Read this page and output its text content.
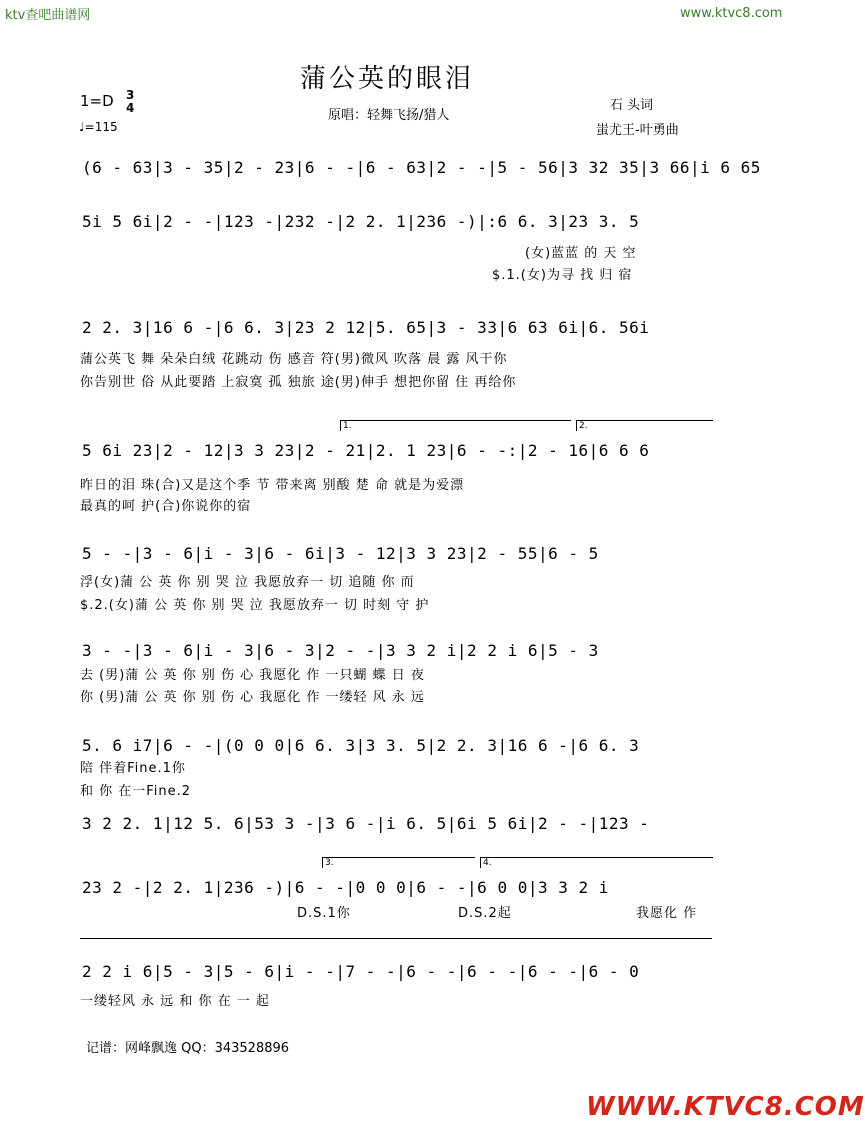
ktv查吧曲谱网	www.ktvc8.com
蒲公英的眼泪
1=D 3
4
♩=115
原唱：轻舞飞扬/猎人
石 头词
蚩尤王-叶勇曲
(6 - 63|3 - 35|2 - 23|6 - -|6 - 63|2 - -|5 - 56|3 32 35|3 66|i 6 65
5i 5 6i|2 - -|123 -|232 -|2 2. 1|236 -)|:6 6. 3|23 3. 5
(女)蓝蓝 的 天 空
$.1.(女)为寻 找 归 宿
2 2. 3|16 6 -|6 6. 3|23 2 12|5. 65|3 - 33|6 63 6i|6. 56i
蒲公英飞 舞 朵朵白绒 花跳动 伤 感音 符(男)微风 吹落 晨 露 风干你
你告别世 俗 从此要踏 上寂寞 孤 独旅 途(男)伸手 想把你留 住 再给你
1.	2.
5 6i 23|2 - 12|3 3 23|2 - 21|2. 1 23|6 - -:|2 - 16|6 6 6
昨日的泪 珠(合)又是这个季 节 带来离 别酸 楚 命 就是为爱漂
最真的呵 护(合)你说你的宿
5 - -|3 - 6|i - 3|6 - 6i|3 - 12|3 3 23|2 - 55|6 - 5
浮(女)蒲 公 英 你 别 哭 泣 我愿放弃一 切 追随 你 而
$.2.(女)蒲 公 英 你 别 哭 泣 我愿放弃一 切 时刻 守 护
3 - -|3 - 6|i - 3|6 - 3|2 - -|3 3 2 i|2 2 i 6|5 - 3
去 (男)蒲 公 英 你 别 伤 心 我愿化 作 一只蝴 蝶 日 夜
你 (男)蒲 公 英 你 别 伤 心 我愿化 作 一缕轻 风 永 远
5. 6 i7|6 - -|(0 0 0|6 6. 3|3 3. 5|2 2. 3|16 6 -|6 6. 3
陪 伴着Fine.1你
和 你 在一Fine.2
3 2 2. 1|12 5. 6|53 3 -|3 6 -|i 6. 5|6i 5 6i|2 - -|123 -
3.	4.
23 2 -|2 2. 1|236 -)|6 - -|0 0 0|6 - -|6 0 0|3 3 2 i
D.S.1你	D.S.2起	我愿化 作
2 2 i 6|5 - 3|5 - 6|i - -|7 - -|6 - -|6 - -|6 - -|6 - 0
一缕轻风 永 远 和 你 在 一 起
记谱：网峰飘逸 QQ：343528896
WWW.KTVC8.COM
